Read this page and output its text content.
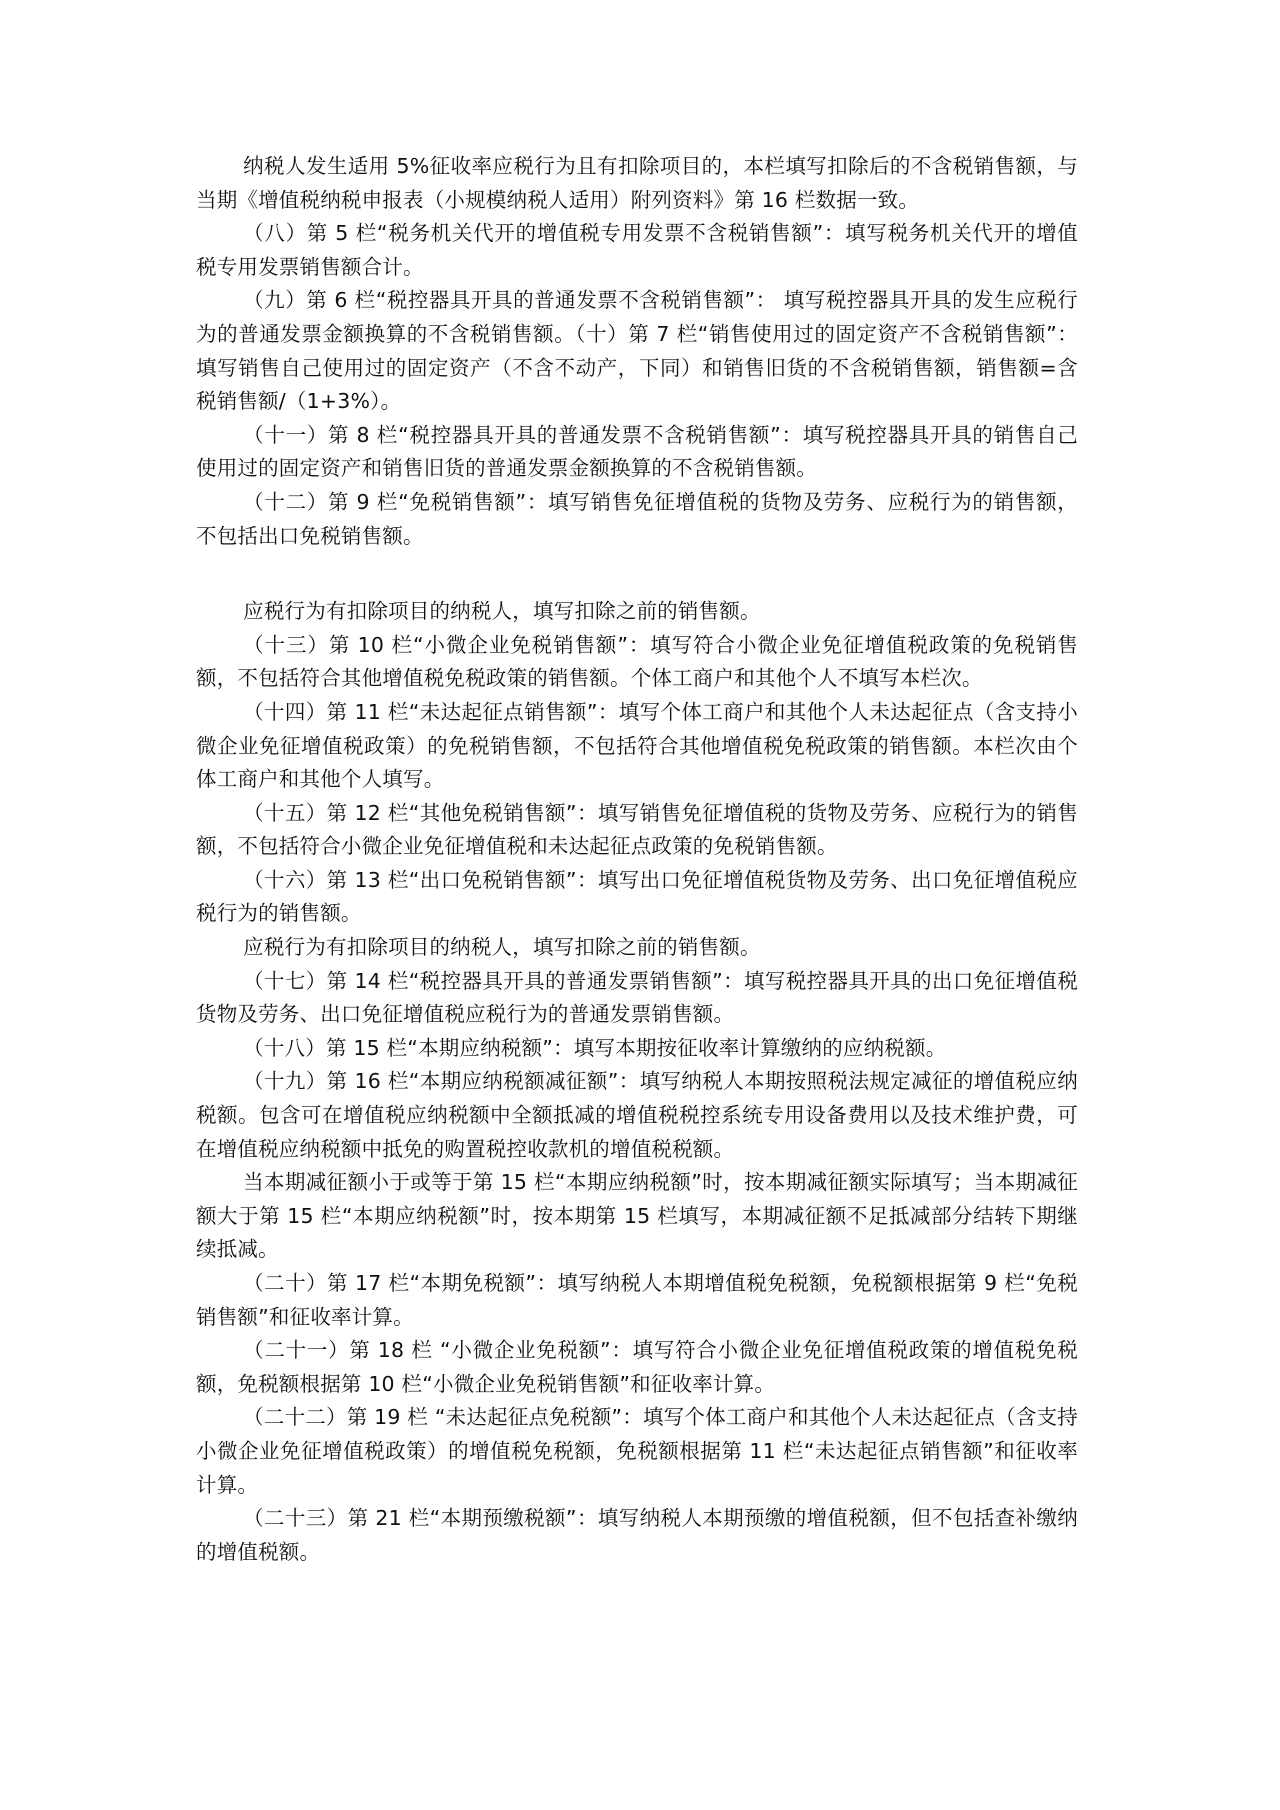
纳税人发生适用 5%征收率应税行为且有扣除项目的，本栏填写扣除后的不含税销售额，与当期《增值税纳税申报表（小规模纳税人适用）附列资料》第 16 栏数据一致。

（八）第 5 栏“税务机关代开的增值税专用发票不含税销售额”：填写税务机关代开的增值税专用发票销售额合计。

（九）第 6 栏“税控器具开具的普通发票不含税销售额”： 填写税控器具开具的发生应税行为的普通发票金额换算的不含税销售额。（十）第 7 栏“销售使用过的固定资产不含税销售额”：填写销售自己使用过的固定资产（不含不动产，下同）和销售旧货的不含税销售额，销售额=含税销售额/（1+3%）。

（十一）第 8 栏“税控器具开具的普通发票不含税销售额”：填写税控器具开具的销售自己使用过的固定资产和销售旧货的普通发票金额换算的不含税销售额。

（十二）第 9 栏“免税销售额”：填写销售免征增值税的货物及劳务、应税行为的销售额，不包括出口免税销售额。

应税行为有扣除项目的纳税人，填写扣除之前的销售额。

（十三）第 10 栏“小微企业免税销售额”：填写符合小微企业免征增值税政策的免税销售额，不包括符合其他增值税免税政策的销售额。个体工商户和其他个人不填写本栏次。

（十四）第 11 栏“未达起征点销售额”：填写个体工商户和其他个人未达起征点（含支持小微企业免征增值税政策）的免税销售额，不包括符合其他增值税免税政策的销售额。本栏次由个体工商户和其他个人填写。

（十五）第 12 栏“其他免税销售额”：填写销售免征增值税的货物及劳务、应税行为的销售额，不包括符合小微企业免征增值税和未达起征点政策的免税销售额。

（十六）第 13 栏“出口免税销售额”：填写出口免征增值税货物及劳务、出口免征增值税应税行为的销售额。

应税行为有扣除项目的纳税人，填写扣除之前的销售额。

（十七）第 14 栏“税控器具开具的普通发票销售额”：填写税控器具开具的出口免征增值税货物及劳务、出口免征增值税应税行为的普通发票销售额。

（十八）第 15 栏“本期应纳税额”：填写本期按征收率计算缴纳的应纳税额。

（十九）第 16 栏“本期应纳税额减征额”：填写纳税人本期按照税法规定减征的增值税应纳税额。包含可在增值税应纳税额中全额抵减的增值税税控系统专用设备费用以及技术维护费，可在增值税应纳税额中抵免的购置税控收款机的增值税税额。

当本期减征额小于或等于第 15 栏“本期应纳税额”时，按本期减征额实际填写；当本期减征额大于第 15 栏“本期应纳税额”时，按本期第 15 栏填写，本期减征额不足抵减部分结转下期继续抵减。

（二十）第 17 栏“本期免税额”：填写纳税人本期增值税免税额，免税额根据第 9 栏“免税销售额”和征收率计算。

（二十一）第 18 栏 “小微企业免税额”：填写符合小微企业免征增值税政策的增值税免税额，免税额根据第 10 栏“小微企业免税销售额”和征收率计算。

（二十二）第 19 栏 “未达起征点免税额”：填写个体工商户和其他个人未达起征点（含支持小微企业免征增值税政策）的增值税免税额，免税额根据第 11 栏“未达起征点销售额”和征收率计算。

（二十三）第 21 栏“本期预缴税额”：填写纳税人本期预缴的增值税额，但不包括查补缴纳的增值税额。
